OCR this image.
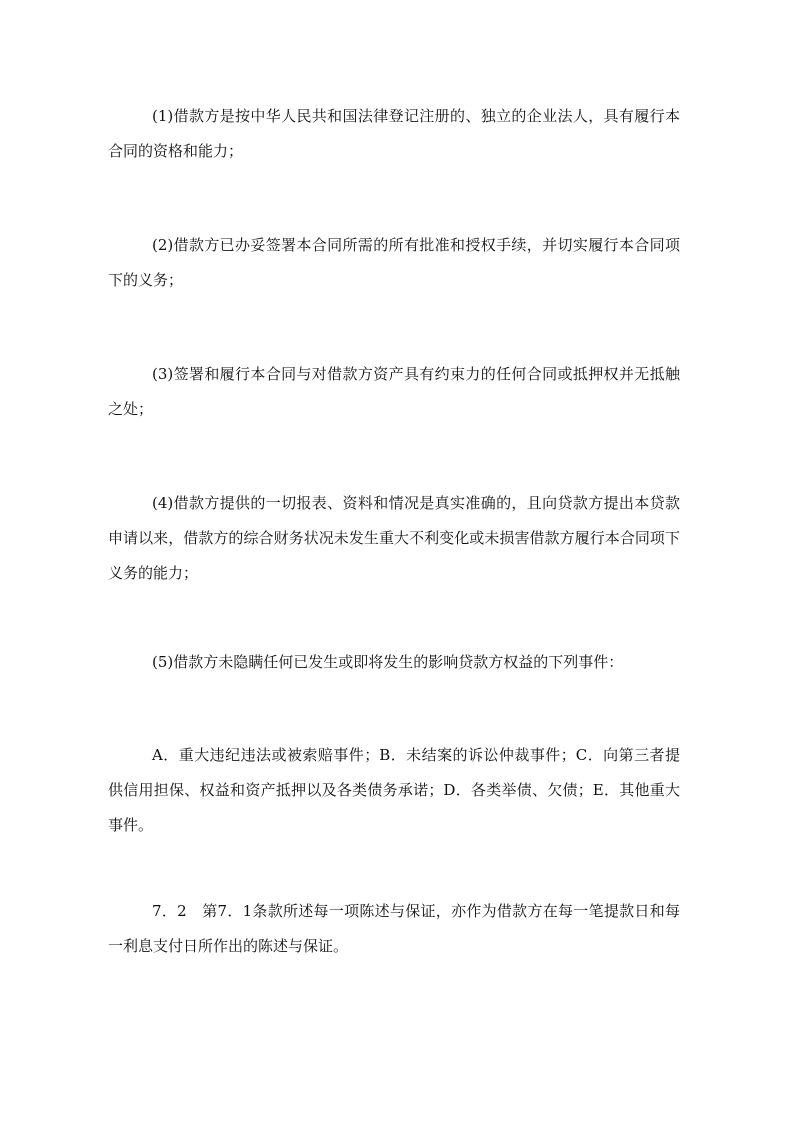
(1)借款方是按中华人民共和国法律登记注册的、独立的企业法人，具有履行本合同的资格和能力；

(2)借款方已办妥签署本合同所需的所有批准和授权手续，并切实履行本合同项下的义务；

(3)签署和履行本合同与对借款方资产具有约束力的任何合同或抵押权并无抵触之处；

(4)借款方提供的一切报表、资料和情况是真实准确的，且向贷款方提出本贷款申请以来，借款方的综合财务状况未发生重大不利变化或未损害借款方履行本合同项下义务的能力；

(5)借款方未隐瞒任何已发生或即将发生的影响贷款方权益的下列事件：

A．重大违纪违法或被索赔事件；B．未结案的诉讼仲裁事件；C．向第三者提供信用担保、权益和资产抵押以及各类债务承诺；D．各类举债、欠债；E．其他重大事件。

7．2　第7．1条款所述每一项陈述与保证，亦作为借款方在每一笔提款日和每一利息支付日所作出的陈述与保证。
